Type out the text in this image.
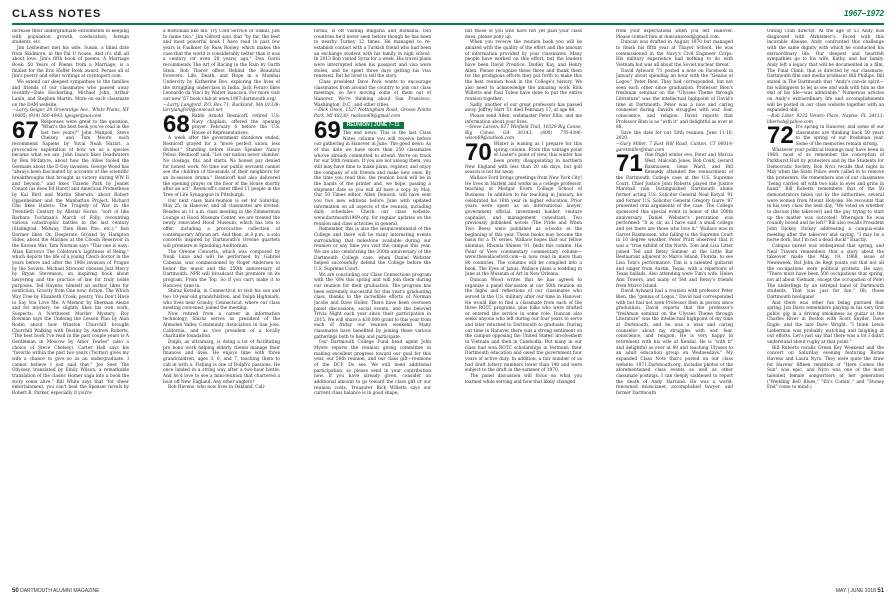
CLASS NOTES	1967–1972

increase their undergraduate enrollments in keeping with population growth, coeducation, foreign students, etc.

Jim Lesheimer met his wife, Susan, a blind date from Skidmore, in the Pal U house. And it's still all about love. Jim's fifth book of poems, A Marriage Book: 50 Years of Poems from a Marriage, is a finalist for the Eric Hoffer Book award. Peruse all of Jim's poetry and other writings at royntoport.com.

We extend our deepest sympathies to the families and friends of our classmates who passed away recently—Dale Hockerling, Michael John, Arthur Lanin, and Stephen Martin. More on each classmate on the DAM website.

—Larry Geiger, 20 Greenridge Ave., White Plains, NY 10605; (914) 560-4943; lgeiger@aol.com

67 Responses were great to the question, "What's the best book you've read in the last two years?" John Manpoli, Steve Chelsey, and Tom Moore each recommend Sapiens by Yuval Noah Harari, a provocative exploration of how we as a species became what we are. John Isaacs likes Deadwaters by Ben McIntyre, about how the Allies fooled the Germans about the D-Day invasion. George Wood has "always been fascinated by accounts of the scientific breakthroughs that brought us victory during WW II and beyond," and likes Tuxedo Park by Jennet Conant (as does Ed Hurst) and American Prometheus by Kai Bird and Martin Sherwin, about Robert Oppenheimer and the Manhattan Project. Richard Chu likes Hubris: The Tragedy of War in the Twentieth Century by Alistair Horne, "sort of like Barbara Tuchman's March of Folly, recounting various catastrophic battles in the last century (Stalingrad, Midway, Dien Bien Phu, etc.)." Bob Dormer likes On Desperate Ground by Hampton Sides, about the Marines at the Chosin Reservoir in the Korean War. Tom Norman says "This one is easy: Allan Kurzon's The Coletown's Lightness of Being," which depicts the life of a young Czech doctor in the years before and after the 1968 invasion of Prague by the Soviets. Michael Stroczer chooses Just Mercy by Bryan Stevenson, an inspiring book about lawyering and the practice of law for truly noble purposes. Ted Haynes, himself an author, likes for nonfiction, Gravity from One now; fiction, The Which Way Tree by Elizabeth Crook; poetry, You Don't Have to Say You Love Me: A Memoir by Sherman Alexie and for mystery, he slightly likes his own work, Suspects: A Northwest Murder Mystery. Roy Bowman says the Undoing the Lesson Plan by Alan Rodin about how Winston Churchill brought Churchill Walking with Destiny by Andrew Roberts, "The best book I've read in the past couple years is A Gentleman in Moscow by Amor Towles" (also a choice of Steve Chelsey). Carter Hall says his "favorite within the past two years (Twitter) gives my wife a chance to give so as an undergraduate. I cannot believe I just said that." Joe Seer The Odyssey, translated by Emily Wilson, a remarkable translation of the classic Homer saga into a book the story come alive." Bill White says that "for sheer entertainment, you can't beat the Spenser novels by Robert B. Parker, especially if you're

a Bostonian like me. Try Cold Service or Sixkill, just to name two." Jim Gilford says that "by far, the best and most powerful book I have read in past few years is Faulkner by Russ Rooley, which makes the case that the world is considerably better than it was a century (or even 20 years) ago." Don Garni recommends The Art of Racing in the Rain by Garth Stein. Bob Thorer offers Behind the Beautiful Forevers: Life, Death, and Hope in a Mumbai Undercity by Katherine Boo, exploring the lives of the struggling underclass in India. Jack Feraro likes Leonardo da Vinci by Walter Isaacson. For more visit our new '67 book club at www.1967.dartmouth.org/.

—Larry Langford, P.O. Box 71, Buckland, MA 01338; larrylangford@comcast.net

68 Rabbi Arnold Resnicoff, retired U.S. Navy chaplain, offered the opening prayer February 6 before the U.S. House of Representatives.

A week after the government shutdown ended, Resnicoff prayed for a "more perfect union, less divided." Standing before House Speaker Nancy Pelosi, Resnicoff said: "Let our nation never slumber. No closings, fits, and starts. No honest pay denied for honest work. No time our public servants cannot see the children of thousands of their neighbors for an in-session drama." Resnicoff had also delivered the opening prayer on the floor of the House shortly after an act". Resnicoff's sister filled 11 people in the Tree of Life Synagogue in Pittsburgh.

Our next class mini-reunion is set for Saturday, May 25, in Hanover, and all classmates are invited. Besides an 11 a.m. class meeting in the Zimmerman Lounge at Hood Museum Center, we are treated the newly renovated Hood Museum, which has lots to offer, including a provocative collection of contemporary African art. And then, at 8 p.m., a solo concerts inspired by Dartmouth's Oreone quartets will premiere in Spaulding Auditorium.

The Oreone Concerts, which was composed by Noah Luna and will be performed by Gabriel Cabezas, was commissioned by Roger Andersen to honor the music and the 250th anniversary of Dartmouth. NPR will broadcast this premiere on its program, From the Top. So if you can't make it to Hanover, tune in.

Shiraz Kotadia, in Connecticut to visit his son and two 10-year-old grandchildren, and Dolph Highmark, who lives near Granby, Connecticut, where our class meeting convened, joined the meeting.

Now retired from a career in information technology, Shiraz serves as president of the Almeden Valley Community Association in San Jose, California, and as vice president of a locally charitable foundation.

Dolph, as ultramarg, is doing a lot of facilitating pro bono work helping elderly clients manage their finances and lives. He enjoys time with three grandchildren, ages 3, 6, and 7, teaching them to call in with a. Fishing is one of Dolph's passions. He once landed in a string way after a two-hour battle. And he'd love to see a mini-reunion that chartered a boat off New England. Any other anglers?

Bob Havens, who now lives in Oakland, Cali-

fornia, is off visiting Bulgaria and Romania, two countries he'd never seen before though he has been to nearby Turkey 12 times. He managed to re-establish contact with a Turkish friend who had been an exchange student with his family in high school. In 2013 Bob visited Syria for a week. His travel plans were interrupted when his passport and visa were stolen, and he spent three days getting his visa renewed. But he lived to tell the story.

Class president Dave Peck wants to encourage classmates from around the country to join our class meetings, so he's moving some of them out of Hanover. We're thinking about San Francisco, Washington, D.C., and other cities.

—Dick Olson, 1527 Nottingham Road, Grosse Pointe Park, MI 48230; rwolson69@gmail.com

REUNION | JUNE 7–11
69 The end news: This is the last Class Notes column you will receive before our gathering in Hanover in June. The good news: As of this date we have more than 250 classmates who've already committed to attend. We're on track for our 50th reunion. If you are not among them, you still may have time to make plans, register, and enjoy the company of old friends and make new ones. By the time you read this, the reunion book will be in the hands of the printer and, we hope, passing a shipment date so you will all have a copy by May. Our 50 Times editor, Allen Denison, will have sent you two new editions before June with updated information on all aspects of the reunion, including daily schedules. Check our class website, www.dartmouth1969.org, for regular updates on the reunion and class activities in general.

Remember, this is also the sesquicentennial of the College and there will be many interesting events surrounding that milestone available during our reunion or any time you visit the campus this year. We are also celebrating the 200th anniversary of the Dartmouth College case, when Daniel Webster helped successfully defend the College before the U.S. Supreme Court.

We are concluding our Class Connections program with the '69s this spring and will join them during our reunion for their graduation. The program has been extremely successful for this year's graduating class, thanks to the incredible efforts of Norman Jacobs and Dave Holler. There have been overseen panel discussions, social events, and the beloved Trivia Night each year since their participation in 2015. We will share a $30,000 grant to this year from each of friday our reunion weekend. Many classmates have benefited by joining these various gatherings both to help and participate.

Our Dartmouth College Fund head agent John Myers reports the reunion giving committee in making excellent progress toward our goal for this year, our 50th reunion, and our class gift—reunions of the DCF. Do see. We still need additional participation, so please send in your contribution now. If you have already given, consider an additional amount to go toward the class gift or our reunion costs. Treasurer Rick Willetts says our current class balance is in good shape,

but those of you who have not yet paid your class dues, please pony up.

When you receive the reunion book you will be amazed with the quality of the effort and the amount of information provided by your classmates. Many people have worked on this effort, but the leaders have been David Prentice, Dudley Kay, and Henry Allen. Please recognize these three and thank them for the prodigious efforts they put forth to make this the best reunion book in the College's history. We also need to acknowledge the amazing work Rick Willetts and Paul Tubes have done to put the entire reunion together.

Sadly, another of our great professors has passed away. Jeffrey Hart '51 died February 17, at age 88.

Please send Allen, webmaster Peter Ellis, and me information about your lives.

—Steve Larson, 827 Winfield Trail, 10329 Big Canoe, Big Canoe, GA 30143; (800) 770-4396; wlson69@outlook.com

70 Winter is waning as I prepare for this spring column. From this vantage point of Lester's point of view, this winter has been pretty disappointing in northern New England with less than 20 ski days, but golf season is not far away.

Wallace Ford brings greetings from New York City! He lives in Harlem and works as a college professor, teaching at Medgar Evers College School of Business. In addition to his teaching in January, he celebrated his 16th year in higher education. Prior years were spent as an international lawyer, government official, investment banker, venture capitalist, and management consultant. Two previously published novels (The Pride and When Two Bees) were published as e-books at the beginning of this year. These books may become the basis for a TV series. Wallace hopes that our fellow alumnus, Rhonda Shimes '91, finds this column. His Point of View commentary commentary column—www.thewalaceford.com—is now read in more than 80 countries. The columns will be compiled into a book, The Eyes of Janus. Wallace plans a wedding in June at the Museum of Art in New Orleans.

Duncan Wood writes that he has agreed to organize a panel discussion at our 50th reunion on the highs and reflections of our classmates who served in the U.S. military after our time in Hanover. He would like to find a classmate from each of the three ROTC programs, plus folks who were drafted or entered the service in some role. Duncan also seeks anyone who left during our four years to serve and later returned to Dartmouth to graduate. During our time in Hanover there was a strong sentiment on the campus opposing the United States' involvement in Vietnam and then in Cambodia. But many in our class had won ROTC scholarships in Vermont; their Dartmouth education and owed the government four years of active duty. In addition, a fair number of us had draft lottery numbers lower than 140 and were subject to the draft in the summer of 1970.

The panel discussion will focus on what you learned while serving and how that likely changed

from your expectations when you left Hanover. Please contact him at duncanwood@gmail.com.

Duncan was drafted in August 1970 but managed to finish his fifth year at Thayer School. He was commissioned in the Navy's Civil Engineer Corps. His military experience had nothing to do with Vietnam but was all about the Soviet nuclear threat.

David Aylward '71 posted a note on Facebook in January about spending an hour with the "Genius of Logos," Peter Bien. They had corresponded, but not seen each other since graduation. Professor Bien's freshman seminar on the "Ulysses Theme through Literature" was the intellectual highpoint of David's time at Dartmouth. Peter was a nice and caring counselor during David's struggles with war, fear, conscience, and religion. David reports that Professor Bien is as "with it" and delightful as ever at 88.

Save the date for our 50th reunion: June 11-16, 2020.

—Gary Miller, 7 East Hill Road, Canton, CT 06019; garetmiller@mac.com

71 One frigid winter eve, Peter and Marcia West, Malcolm Jones, Bob Conly, Gerard Rasmussen, Gene Ward, and Bill Kennedy attended the reenactment of the Dartmouth College case at the U.S. Supreme Court. Chief Justice John Roberts played the Justice Marshall role. Distinguished Dartmouth alums former acting U.S. Solicitor General Neal Katyal '91 and former U.S. Solicitor General Gregory Garre '87 presented oral arguments of the case. The College sponsored this special event in honor of the 200th anniversary. Daniel Webster's peroration was performed: "It is, sir, as I have said, a small college and yet there are those who love it." Wallace was in Garret Rasmussen, who falling to the Supreme Court in 10 degree weather. Peter Pratt observed that it was a "true exhibit of the North. Tom and Lisa Litter joined Ted and Betsy Simmer at the Little Bar Restaurant adjacent to Marco Island, Florida, to see Lisa Tom's performance. Tim is a talented guitarist and singer from Austin, Texas, with a repertoire of Texas ballads. Also attending were Tim's wife, Helen Ann Towers, and many of Ted and Betsy's friends from Marco Island.

David Aylward had a reunion with professor Peter Bien, the "genius of Logos." David had corresponded with but had not seen Professor Bien in person since graduation. David reports that the professor's "freshman seminar on the Ulysses Theme through Literature" was the intellectual highpoint of my time at Dartmouth, and he was a wise and caring counselor about my struggles with war, fear, conscience, and religion. He is very happy in retirement with his wife at Kendal. He is "with it" and delightful as ever at 89 and teaching Ulysses to an adult education group on Wednesdays." My expanded Class Note that's posted on our class website, 1971.Dartmouth.org, includes photos of the aforementioned class events as well as other classmate postings. I can deeply saddened to report the death of Andy Harrand. He was a world-renowned musicianer, accomplished lawyer, and former Dartmouth

Outing Club director. At the age of 53 Andy was diagnosed with Alzheimer's. Faced with this incurable disease, Andy confronted this challenge with the same dignity with which he conducted his extraordinary life. Our deepest and heartfelt sympathies go to his wife, Kathy, and her family. Andy left a legacy that will be documented in a film, The Final Climb, that is directed by our classmate, Dartmouth film and media professor Bill Phillips. Bill stated in The Dartmouth that "Andy's can-do spirit—his willingness to let us see and walk with him as the end of his life—was admirable." Numerous articles on Andy's extraordinary life and accomplishments will be posted in our class website together with an expanded obit.

—Bob Liber, 9235 Veneto Place, Naples, FL 34113; liberbob@yahoo.com

72 It's spring in Hanover, and some of our classmates are thinking back 50 years to the spring of our freshman year. Some of the memories remain strong.

Whatever your political leanings may have been in 1968, most of us remember the conception of Parkhurst Hall by protesters and by the Students for Democratic Society. Bob Nycz recalls that night in May when the State Police were called in to remove the protesters. He remembers one of our classmates "being carried off with two kids in eyes and grins in hand." Bill Roberts remembers that of the 50 demonstrators taken out by the authorities, several were women from Mount Holyoke. He recounts that in his very class the next day, "We voted on whether to discuss [the takeover] and the guy trying to start up the matter was outvoted! Wherupon he was roundly booed and he left!" Bill also recalls President John Dickey, Dickey addressing a campus-wide meeting after the takeover and saying, "I may be a horse dork, but I'm not a dead duck!" Exactly.

Campus unrest was widespread that spring, and Neal Travers remembers that a story about the takeover made the May 19, 1968, issue of Newsweek. But John de Regt points out that not all the occupations were political protests. He says, "There must have been 500 occupations that spring, not all about Vietnam, except the occupation of Pole! The underlings by an intrepid band of Dartmouth students. That was just for fun." Oh, those Dartmouth hooligans!

And there was other fun being pursued that spring. Jon Davis remembers playing in his very first public gig in a driving smokiness as guitar at the Charles River in Boston with Scott Snyder, Dave Engle, and the late Dave Wright. "I think Lewis Lieberman was probably watching and laughing at our efforts. Let's just say that there was a lot I didn't understand about rugby at that point."

Bill Roberts recalls Green Key Weekend and the concert on Saturday evening featuring Richie Havens and Laura Nyro. They were quite the draw for Havens' fifteen rendition of "Here Comes the Sun" was epic, and Nyro was one of the most talented female songwriters of her generation ("Wedding Bell Blues," "Eli's Comin'," and "Stoney End" come to mind.)

50 DARTMOUTH ALUMNI MAGAZINE	MAY | JUNE 2018 51
